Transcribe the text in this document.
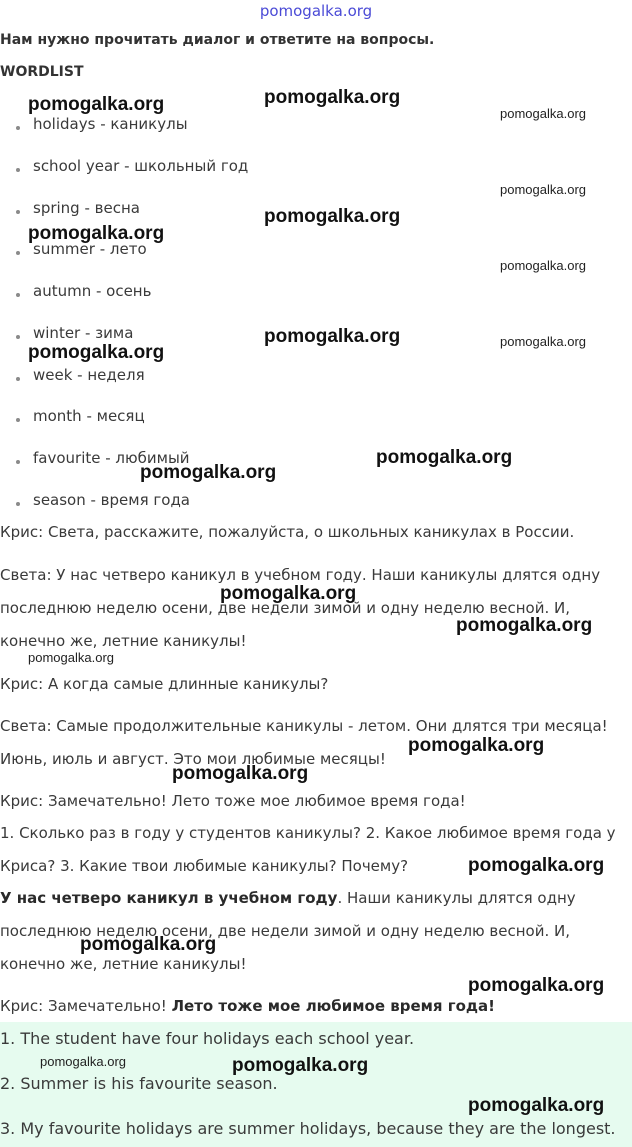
pomogalka.org
Нам нужно прочитать диалог и ответите на вопросы.
WORDLIST
holidays - каникулы
school year - школьный год
spring - весна
summer - лето
autumn - осень
winter - зима
week - неделя
month - месяц
favourite - любимый
season - время года
Крис: Света, расскажите, пожалуйста, о школьных каникулах в России.
Света: У нас четверо каникул в учебном году. Наши каникулы длятся одну
последнюю неделю осени, две недели зимой и одну неделю весной. И,
конечно же, летние каникулы!
Крис: А когда самые длинные каникулы?
Света: Самые продолжительные каникулы - летом. Они длятся три месяца!
Июнь, июль и август. Это мои любимые месяцы!
Крис: Замечательно! Лето тоже мое любимое время года!
1. Сколько раз в году у студентов каникулы? 2. Какое любимое время года у
Криса? 3. Какие твои любимые каникулы? Почему?
У нас четверо каникул в учебном году. Наши каникулы длятся одну
последнюю неделю осени, две недели зимой и одну неделю весной. И,
конечно же, летние каникулы!
Крис: Замечательно! Лето тоже мое любимое время года!
1. The student have four holidays each school year.
2. Summer is his favourite season.
3. My favourite holidays are summer holidays, because they are the longest.
pomogalka.org	pomogalka.org
pomogalka.org
pomogalka.org
pomogalka.org
pomogalka.org
pomogalka.org
pomogalka.org	pomogalka.org
pomogalka.org
pomogalka.org
pomogalka.org
pomogalka.org
pomogalka.org
pomogalka.org
pomogalka.org
pomogalka.org
pomogalka.org
pomogalka.org
pomogalka.org
pomogalka.org	pomogalka.org
pomogalka.org
